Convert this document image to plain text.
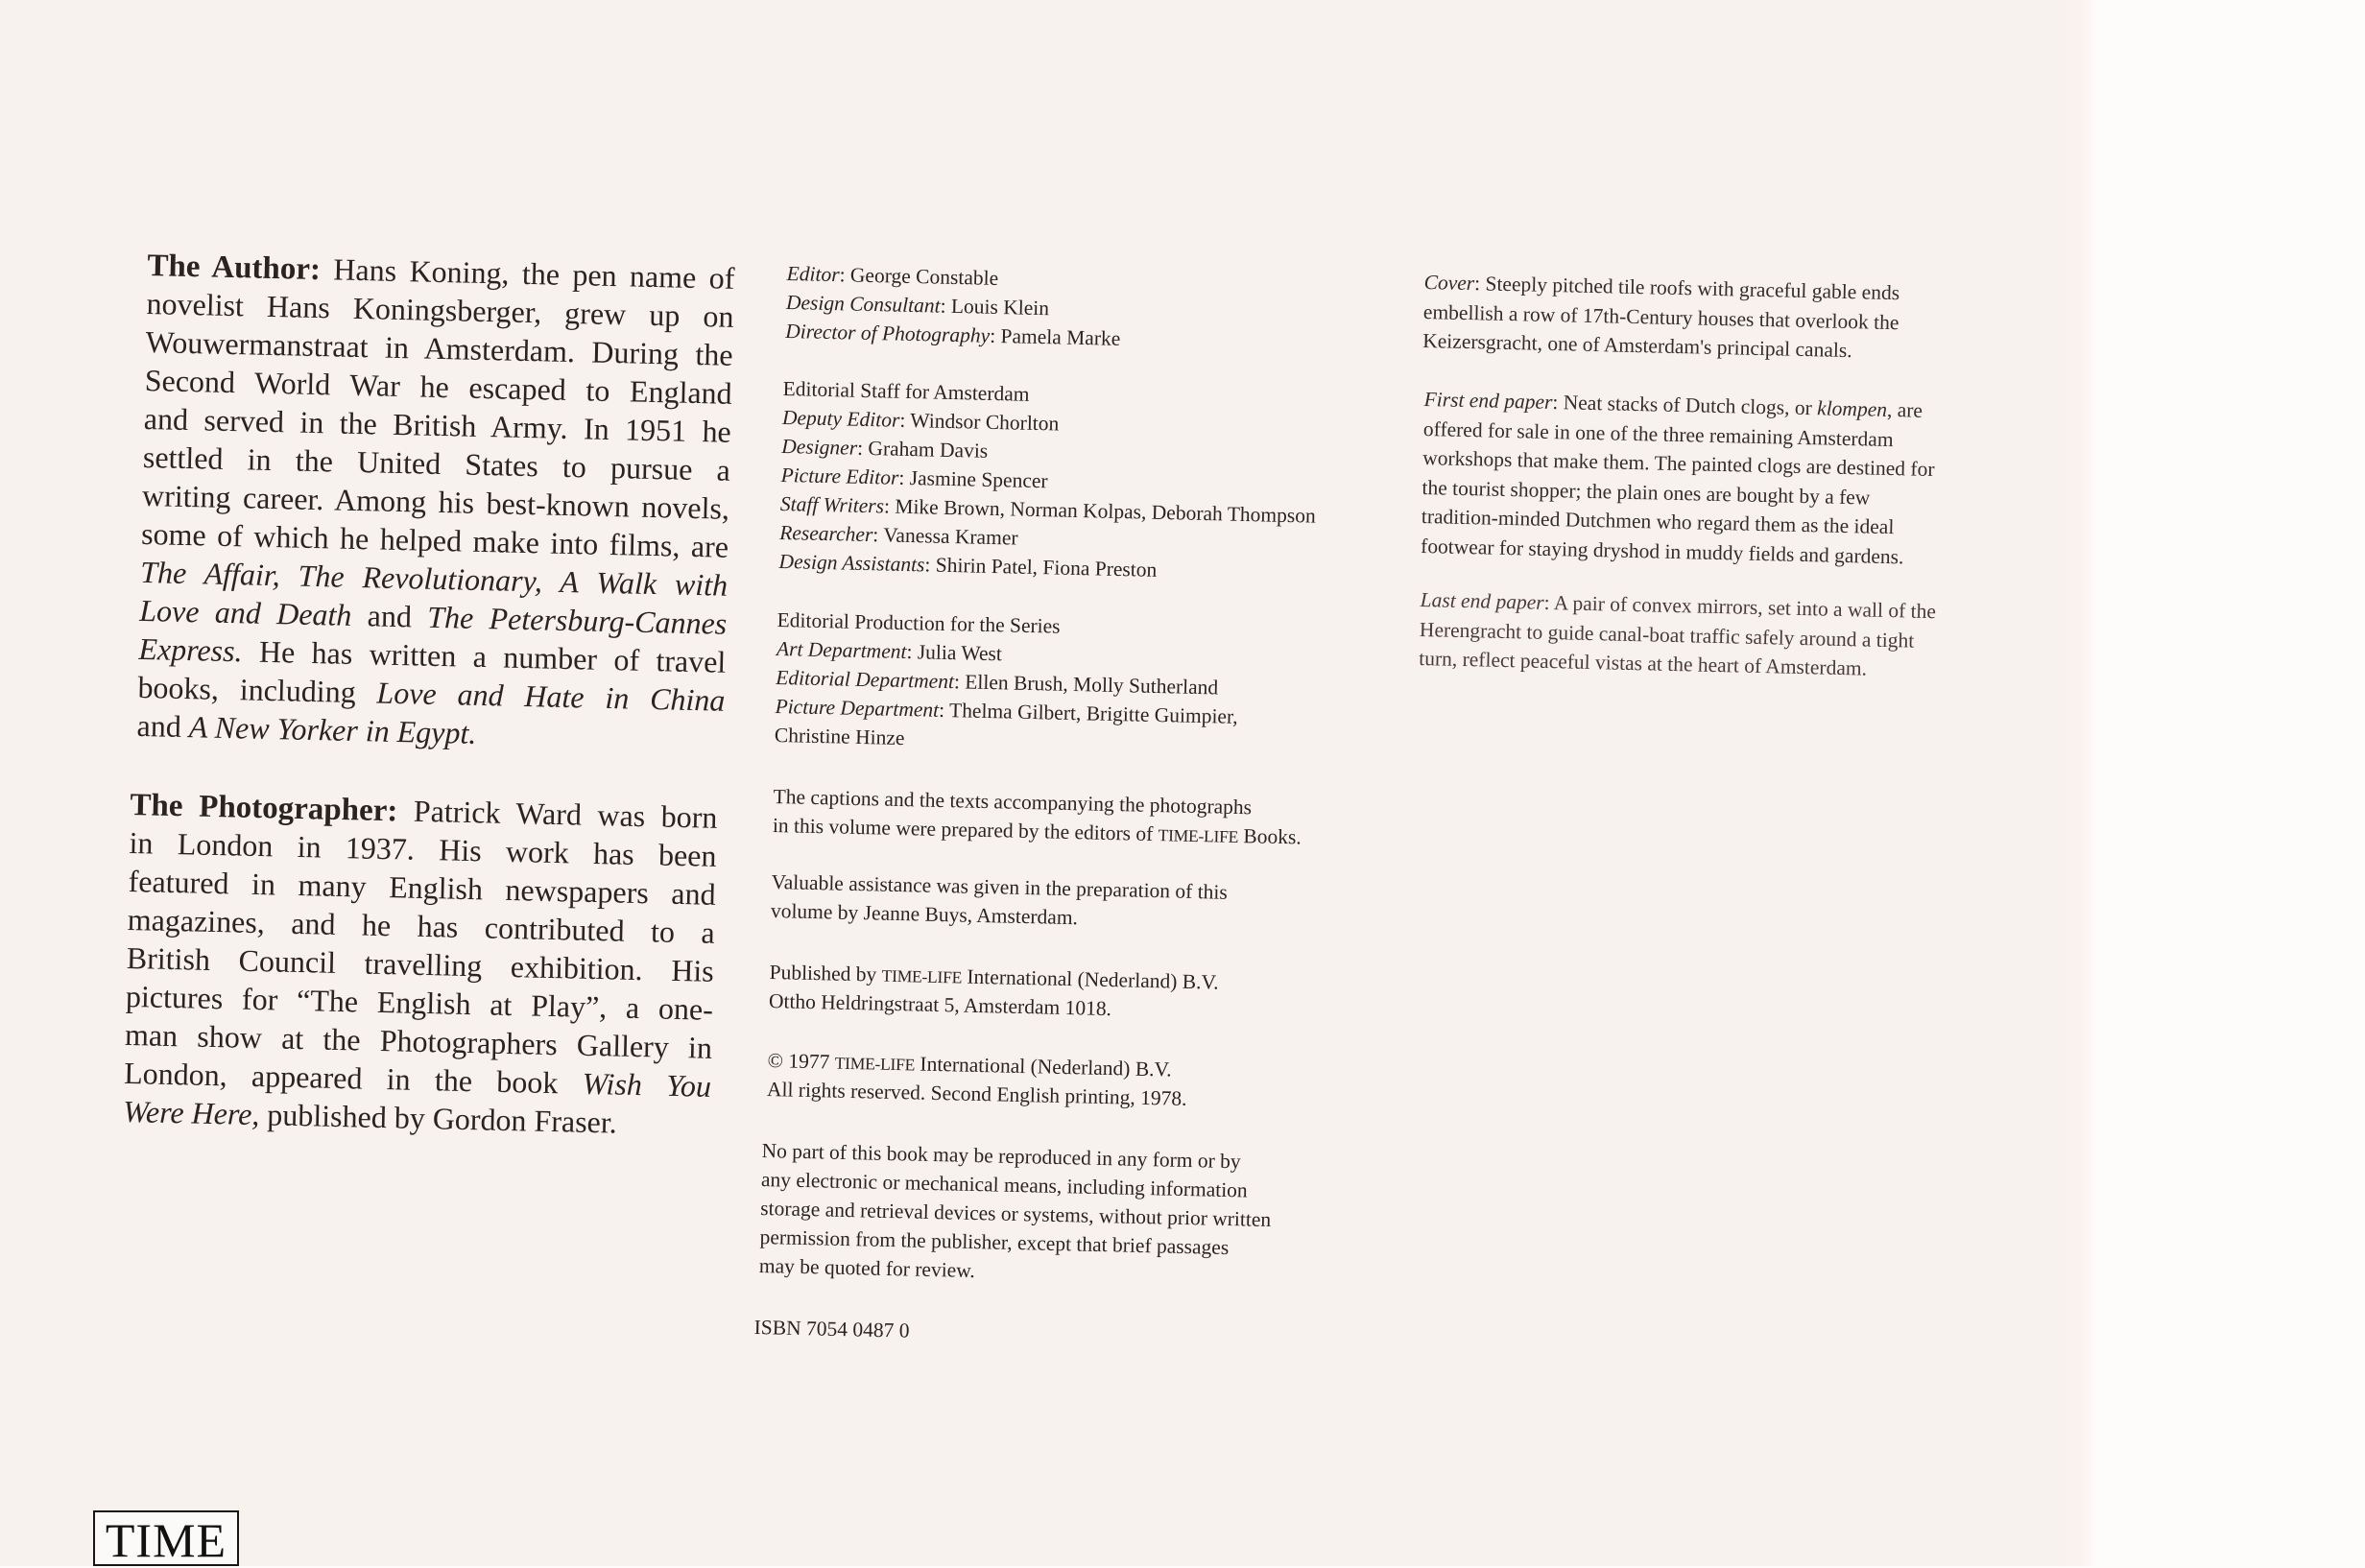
The Author: Hans Koning, the pen name of
novelist Hans Koningsberger, grew up on
Wouwermanstraat in Amsterdam. During the
Second World War he escaped to England
and served in the British Army. In 1951 he
settled in the United States to pursue a
writing career. Among his best-known novels,
some of which he helped make into films, are
The Affair, The Revolutionary, A Walk with
Love and Death and The Petersburg-Cannes
Express. He has written a number of travel
books, including Love and Hate in China
and A New Yorker in Egypt.
The Photographer: Patrick Ward was born
in London in 1937. His work has been
featured in many English newspapers and
magazines, and he has contributed to a
British Council travelling exhibition. His
pictures for “The English at Play”, a one-
man show at the Photographers Gallery in
London, appeared in the book Wish You
Were Here, published by Gordon Fraser.
Editor: George Constable
Design Consultant: Louis Klein
Director of Photography: Pamela Marke
Editorial Staff for Amsterdam
Deputy Editor: Windsor Chorlton
Designer: Graham Davis
Picture Editor: Jasmine Spencer
Staff Writers: Mike Brown, Norman Kolpas, Deborah Thompson
Researcher: Vanessa Kramer
Design Assistants: Shirin Patel, Fiona Preston
Editorial Production for the Series
Art Department: Julia West
Editorial Department: Ellen Brush, Molly Sutherland
Picture Department: Thelma Gilbert, Brigitte Guimpier,
Christine Hinze
The captions and the texts accompanying the photographs
in this volume were prepared by the editors of TIME-LIFE Books.
Valuable assistance was given in the preparation of this
volume by Jeanne Buys, Amsterdam.
Published by TIME-LIFE International (Nederland) B.V.
Ottho Heldringstraat 5, Amsterdam 1018.
© 1977 TIME-LIFE International (Nederland) B.V.
All rights reserved. Second English printing, 1978.
No part of this book may be reproduced in any form or by
any electronic or mechanical means, including information
storage and retrieval devices or systems, without prior written
permission from the publisher, except that brief passages
may be quoted for review.
ISBN 7054 0487 0
Cover: Steeply pitched tile roofs with graceful gable ends
embellish a row of 17th-Century houses that overlook the
Keizersgracht, one of Amsterdam's principal canals.
First end paper: Neat stacks of Dutch clogs, or klompen, are
offered for sale in one of the three remaining Amsterdam
workshops that make them. The painted clogs are destined for
the tourist shopper; the plain ones are bought by a few
tradition-minded Dutchmen who regard them as the ideal
footwear for staying dryshod in muddy fields and gardens.
Last end paper: A pair of convex mirrors, set into a wall of the
Herengracht to guide canal-boat traffic safely around a tight
turn, reflect peaceful vistas at the heart of Amsterdam.
TIME
